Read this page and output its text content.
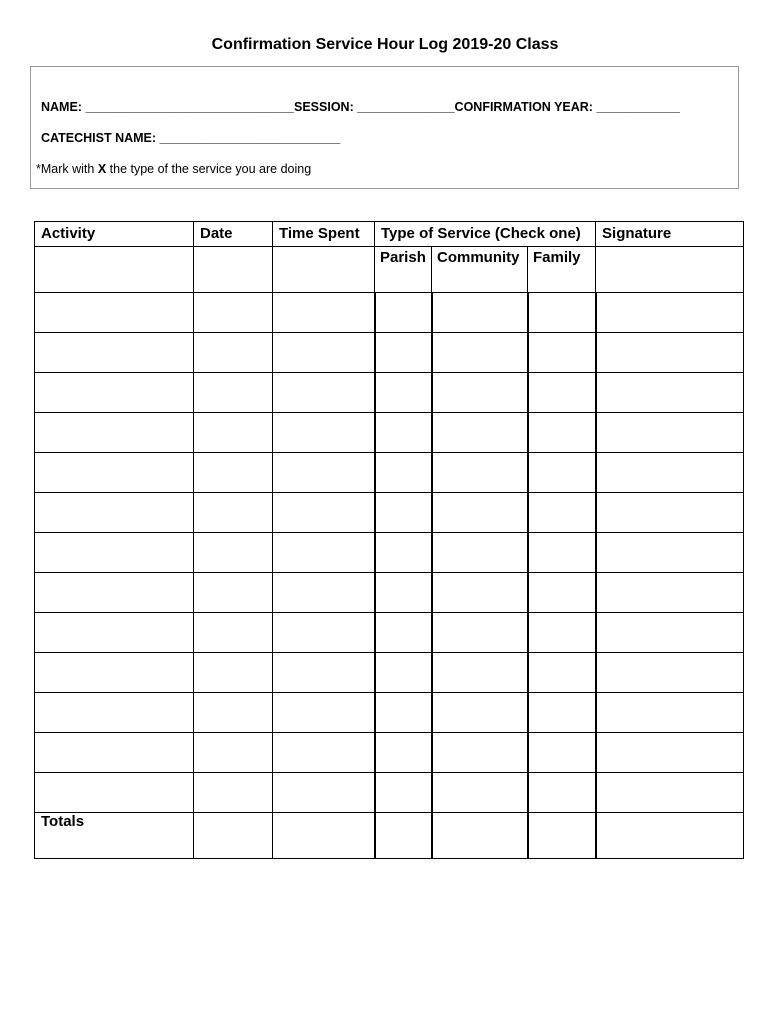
Confirmation Service Hour Log 2019-20 Class
NAME: ______________________________SESSION: ______________CONFIRMATION YEAR: ____________
CATECHIST NAME: __________________________
*Mark with X the type of the service you are doing
Activity	Date	Time Spent	Type of Service (Check one)			Signature
			Parish	Community	Family	

Totals						
